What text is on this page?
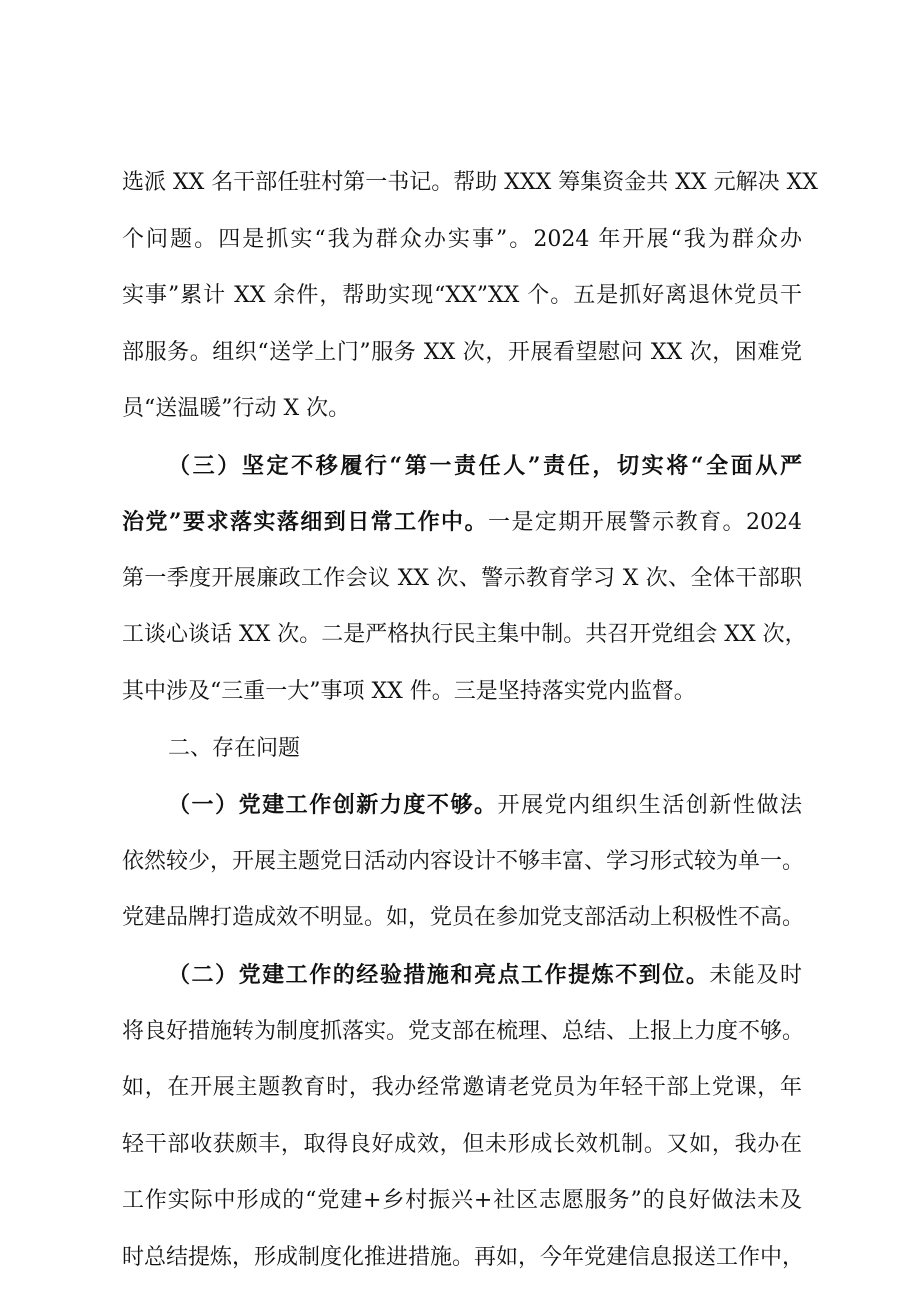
选派 XX 名干部任驻村第一书记。帮助 XXX 筹集资金共 XX 元解决 XX
个问题。四是抓实“我为群众办实事”。2024 年开展“我为群众办
实事”累计 XX 余件，帮助实现“XX”XX 个。五是抓好离退休党员干
部服务。组织“送学上门”服务 XX 次，开展看望慰问 XX 次，困难党
员“送温暖”行动 X 次。
（三）坚定不移履行“第一责任人”责任，切实将“全面从严
治党”要求落实落细到日常工作中。一是定期开展警示教育。2024
第一季度开展廉政工作会议 XX 次、警示教育学习 X 次、全体干部职
工谈心谈话 XX 次。二是严格执行民主集中制。共召开党组会 XX 次，
其中涉及“三重一大”事项 XX 件。三是坚持落实党内监督。
二、存在问题
（一）党建工作创新力度不够。开展党内组织生活创新性做法
依然较少，开展主题党日活动内容设计不够丰富、学习形式较为单一。
党建品牌打造成效不明显。如，党员在参加党支部活动上积极性不高。
（二）党建工作的经验措施和亮点工作提炼不到位。未能及时
将良好措施转为制度抓落实。党支部在梳理、总结、上报上力度不够。
如，在开展主题教育时，我办经常邀请老党员为年轻干部上党课，年
轻干部收获颇丰，取得良好成效，但未形成长效机制。又如，我办在
工作实际中形成的“党建+乡村振兴+社区志愿服务”的良好做法未及
时总结提炼，形成制度化推进措施。再如，今年党建信息报送工作中，
